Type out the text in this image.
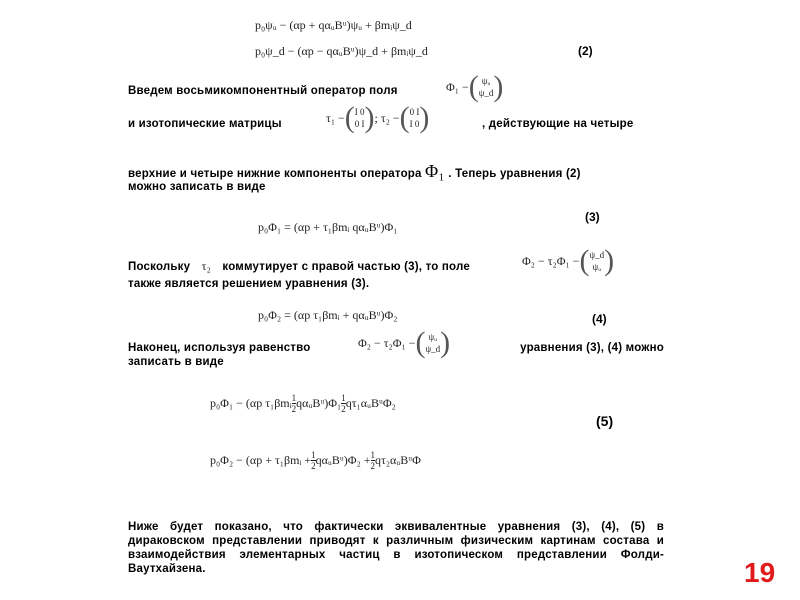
p₀ψᵤ − (αp + qαᵤBᵘ)ψᵤ + βmᵢψ_d
p₀ψ_d − (αp − qαᵤBᵘ)ψ_d + βmᵢψ_d	(2)
Введем восьмикомпонентный оператор поля	Φ₁ − ( ψᵤ
ψ_d )
и изотопические матрицы	τ₁ − ( I 0
0 I ) ; τ₂ − ( 0 I
I 0 )	, действующие на четыре
верхние и четыре нижние компоненты оператора Φ₁ . Теперь уравнения (2)
можно записать в виде
p₀Φ₁ = (αp + τ₁βmᵢ qαᵤBᵘ)Φ₁
(3)
Поскольку τ₂ коммутирует с правой частью (3), то поле	Φ₂ − τ₂Φ₁ − ( ψ_d
ψᵤ )
также является решением уравнения (3).
p₀Φ₂ = (αp τ₁βmᵢ + qαᵤBᵘ)Φ₂	(4)
Наконец, используя равенство	Φ₂ − τ₂Φ₁ − ( ψᵤ
ψ_d )	уравнения (3), (4) можно
записать в виде
p₀Φ₁ − (αp τ₁βmᵢ $\frac{1}{2}$ qαᵤBᵘ)Φ₁ $\frac{1}{2}$ qτ₁αᵤBᵘΦ₂
(5)
p₀Φ₂ − (αp + τ₁βmᵢ + $\frac{1}{2}$ qαᵤBᵘ)Φ₂ + $\frac{1}{2}$ qτ₂αᵤBᵘΦ
Ниже будет показано, что фактически эквивалентные уравнения (3), (4), (5) в дираковском представлении приводят к различным физическим картинам состава и взаимодействия элементарных частиц в изотопическом представлении Фолди-Ваутхайзена.	19
